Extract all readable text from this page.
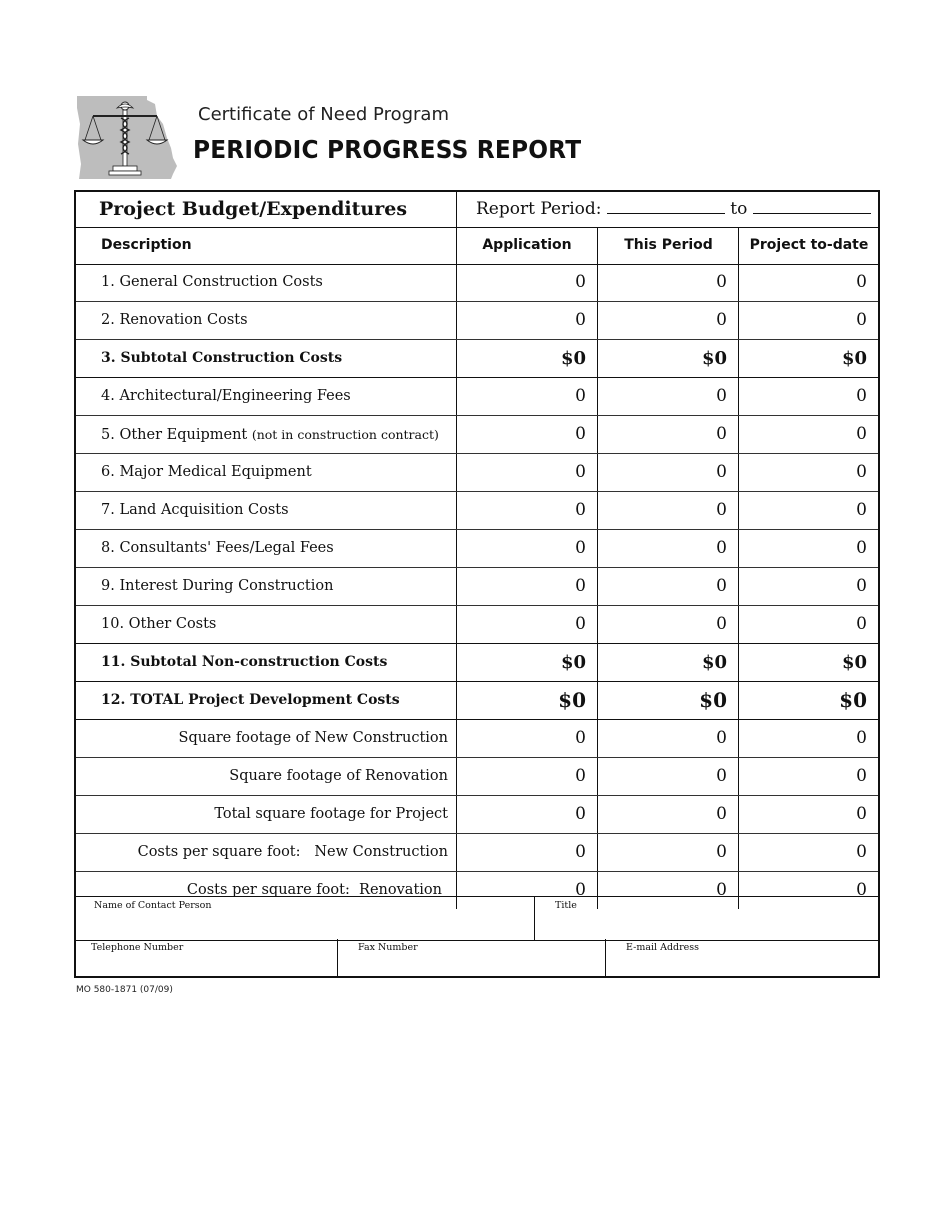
Certificate of Need Program
PERIODIC PROGRESS REPORT
Project Budget/Expenditures	Report Period:	to
Description	Application	This Period	Project to-date
1. General Construction Costs	0	0	0
2. Renovation Costs	0	0	0
3. Subtotal Construction Costs	$0	$0	$0
4. Architectural/Engineering Fees	0	0	0
5. Other Equipment (not in construction contract)	0	0	0
6. Major Medical Equipment	0	0	0
7. Land Acquisition Costs	0	0	0
8. Consultants' Fees/Legal Fees	0	0	0
9. Interest During Construction	0	0	0
10. Other Costs	0	0	0
11. Subtotal Non-construction Costs	$0	$0	$0
12. TOTAL Project Development Costs	$0	$0	$0
Square footage of New Construction	0	0	0
Square footage of Renovation	0	0	0
Total square footage for Project	0	0	0
Costs per square foot:   New Construction	0	0	0
Costs per square foot:  Renovation	0	0	0
Name of Contact Person	Title
Telephone Number	Fax Number	E-mail Address
MO 580-1871 (07/09)
